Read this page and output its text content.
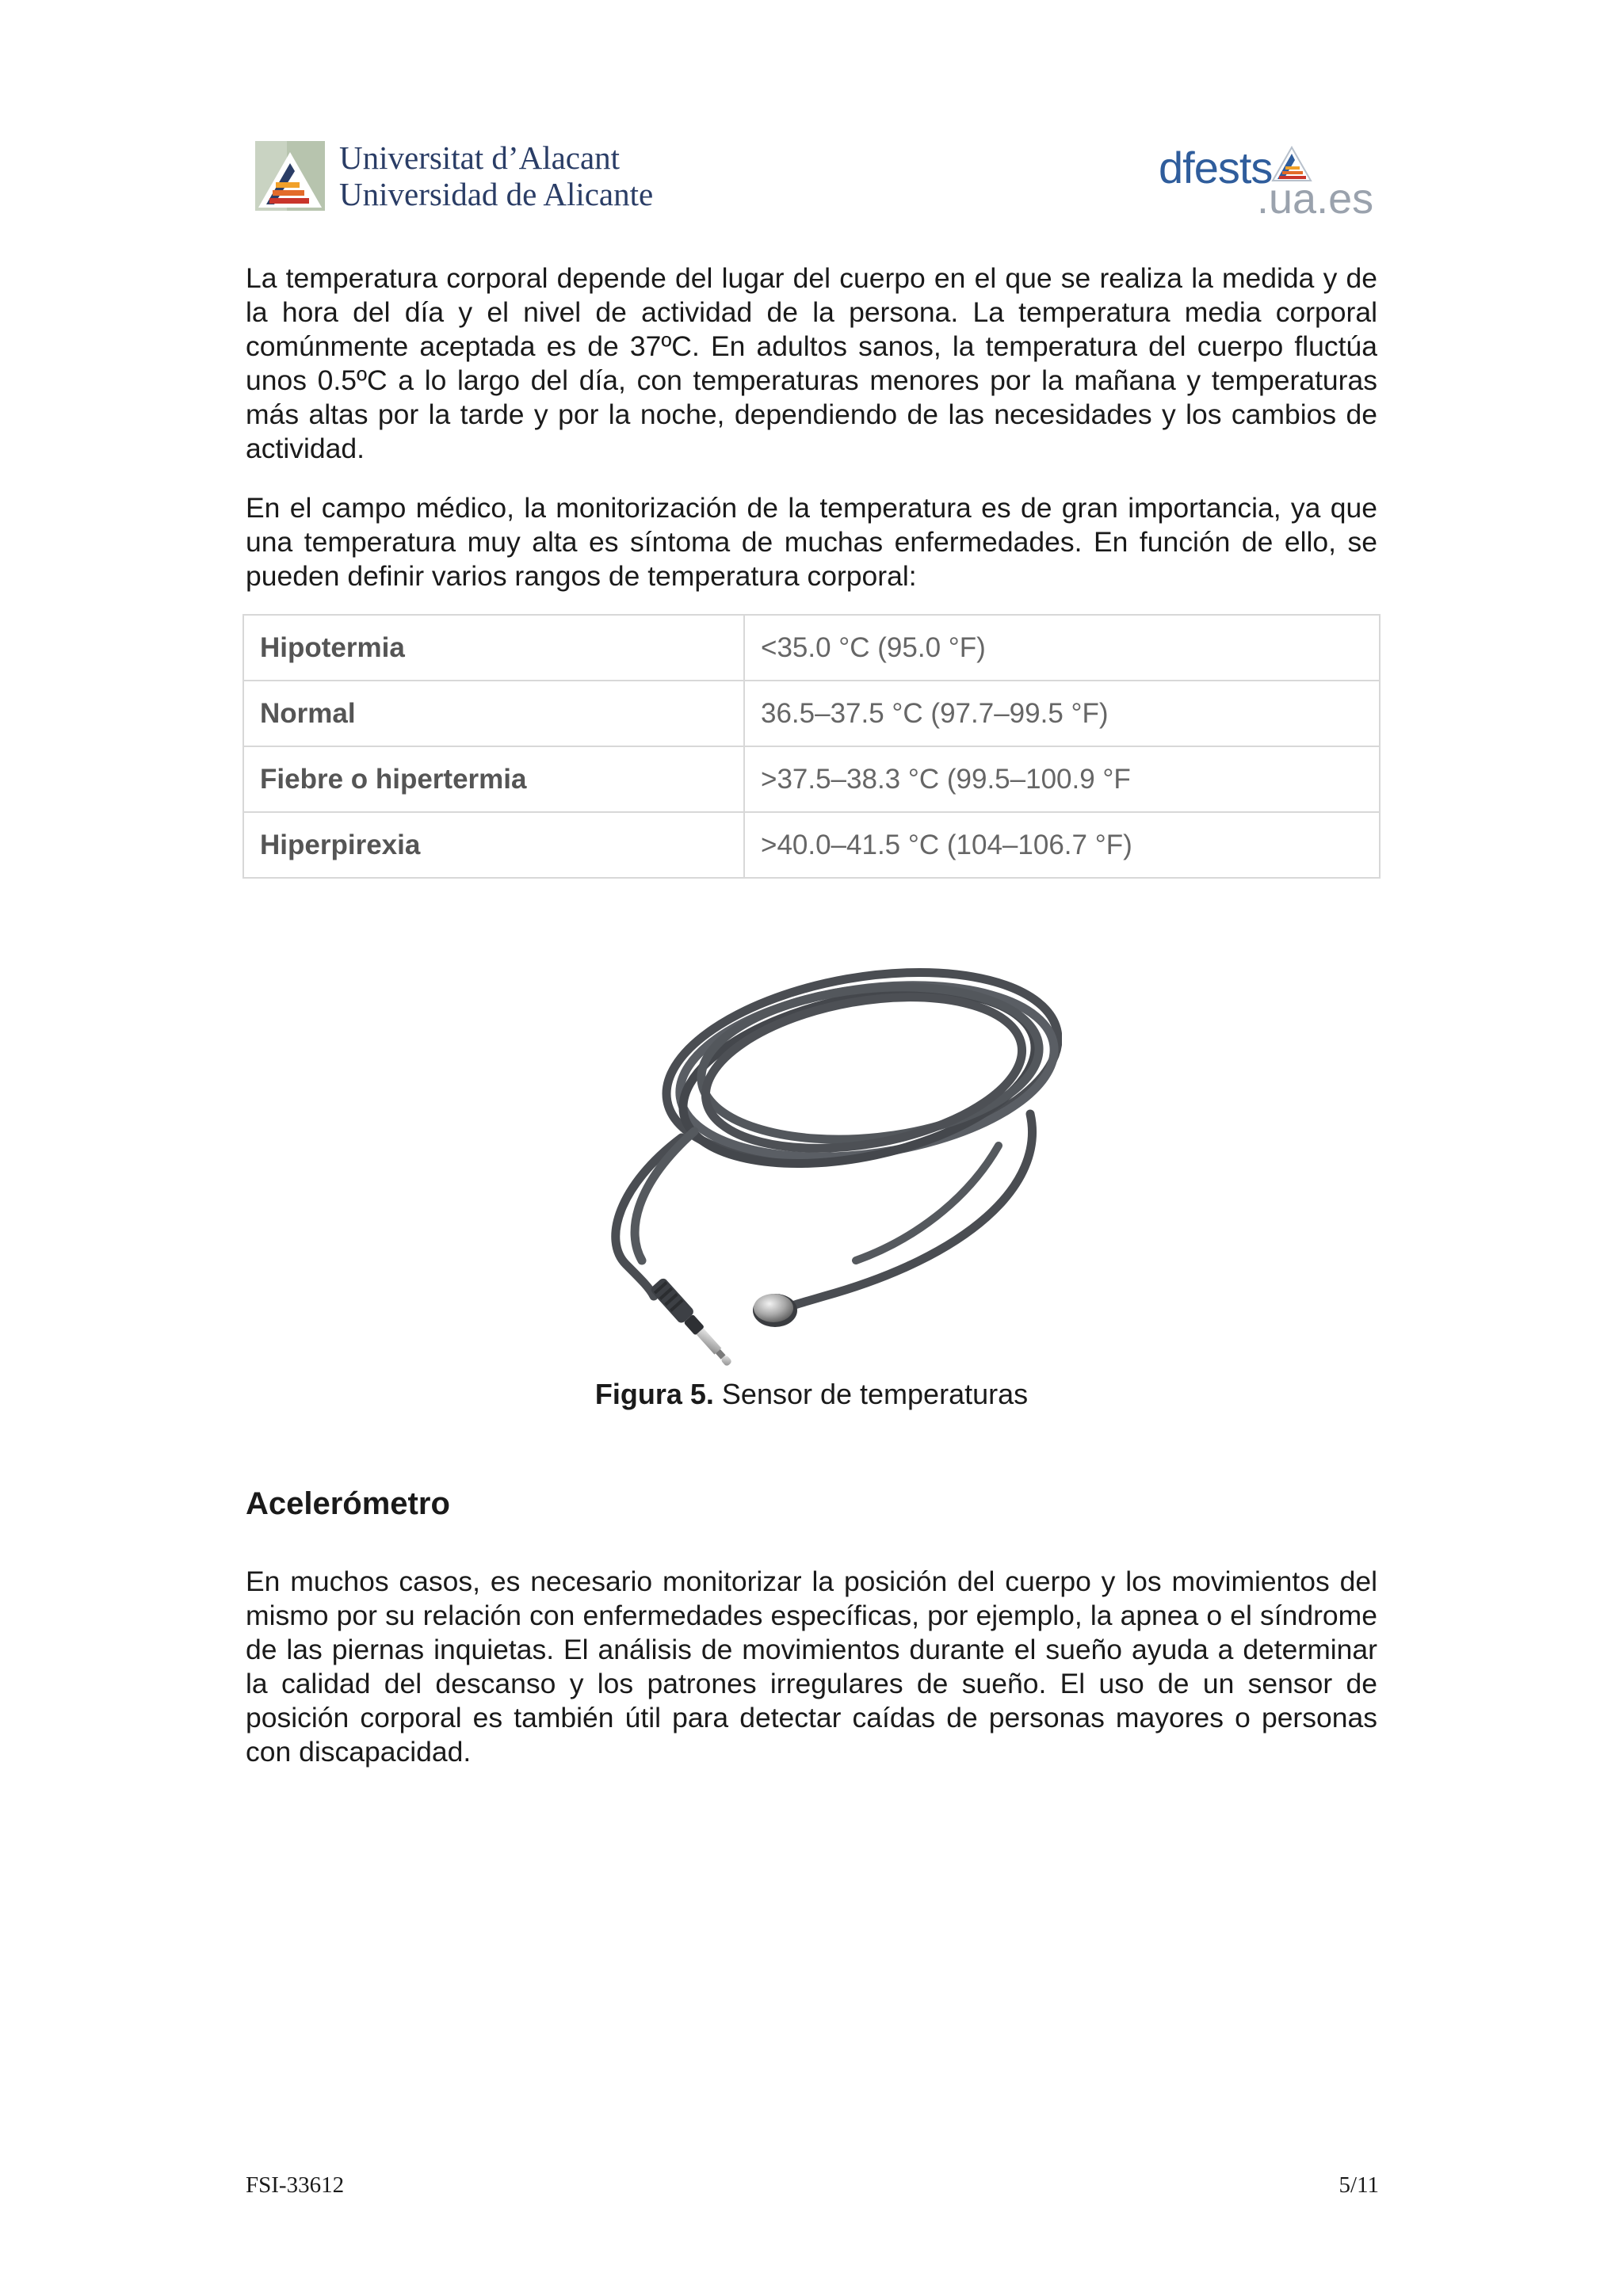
Universitat d’Alacant
Universidad de Alicante
dfests
.ua.es

La temperatura corporal depende del lugar del cuerpo en el que se realiza la medida y de la hora del día y el nivel de actividad de la persona. La temperatura media corporal comúnmente aceptada es de 37ºC. En adultos sanos, la temperatura del cuerpo fluctúa unos 0.5ºC a lo largo del día, con temperaturas menores por la mañana y temperaturas más altas por la tarde y por la noche, dependiendo de las necesidades y los cambios de actividad.

En el campo médico, la monitorización de la temperatura es de gran importancia, ya que una temperatura muy alta es síntoma de muchas enfermedades. En función de ello, se pueden definir varios rangos de temperatura corporal:

Hipotermia	<35.0 °C (95.0 °F)
Normal	36.5–37.5 °C (97.7–99.5 °F)
Fiebre o hipertermia	>37.5–38.3 °C (99.5–100.9 °F
Hiperpirexia	>40.0–41.5 °C (104–106.7 °F)
Figura 5. Sensor de temperaturas
Acelerómetro

En muchos casos, es necesario monitorizar la posición del cuerpo y los movimientos del mismo por su relación con enfermedades específicas, por ejemplo, la apnea o el síndrome de las piernas inquietas. El análisis de movimientos durante el sueño ayuda a determinar la calidad del descanso y los patrones irregulares de sueño. El uso de un sensor de posición corporal es también útil para detectar caídas de personas mayores o personas con discapacidad.

FSI-33612	5/11
